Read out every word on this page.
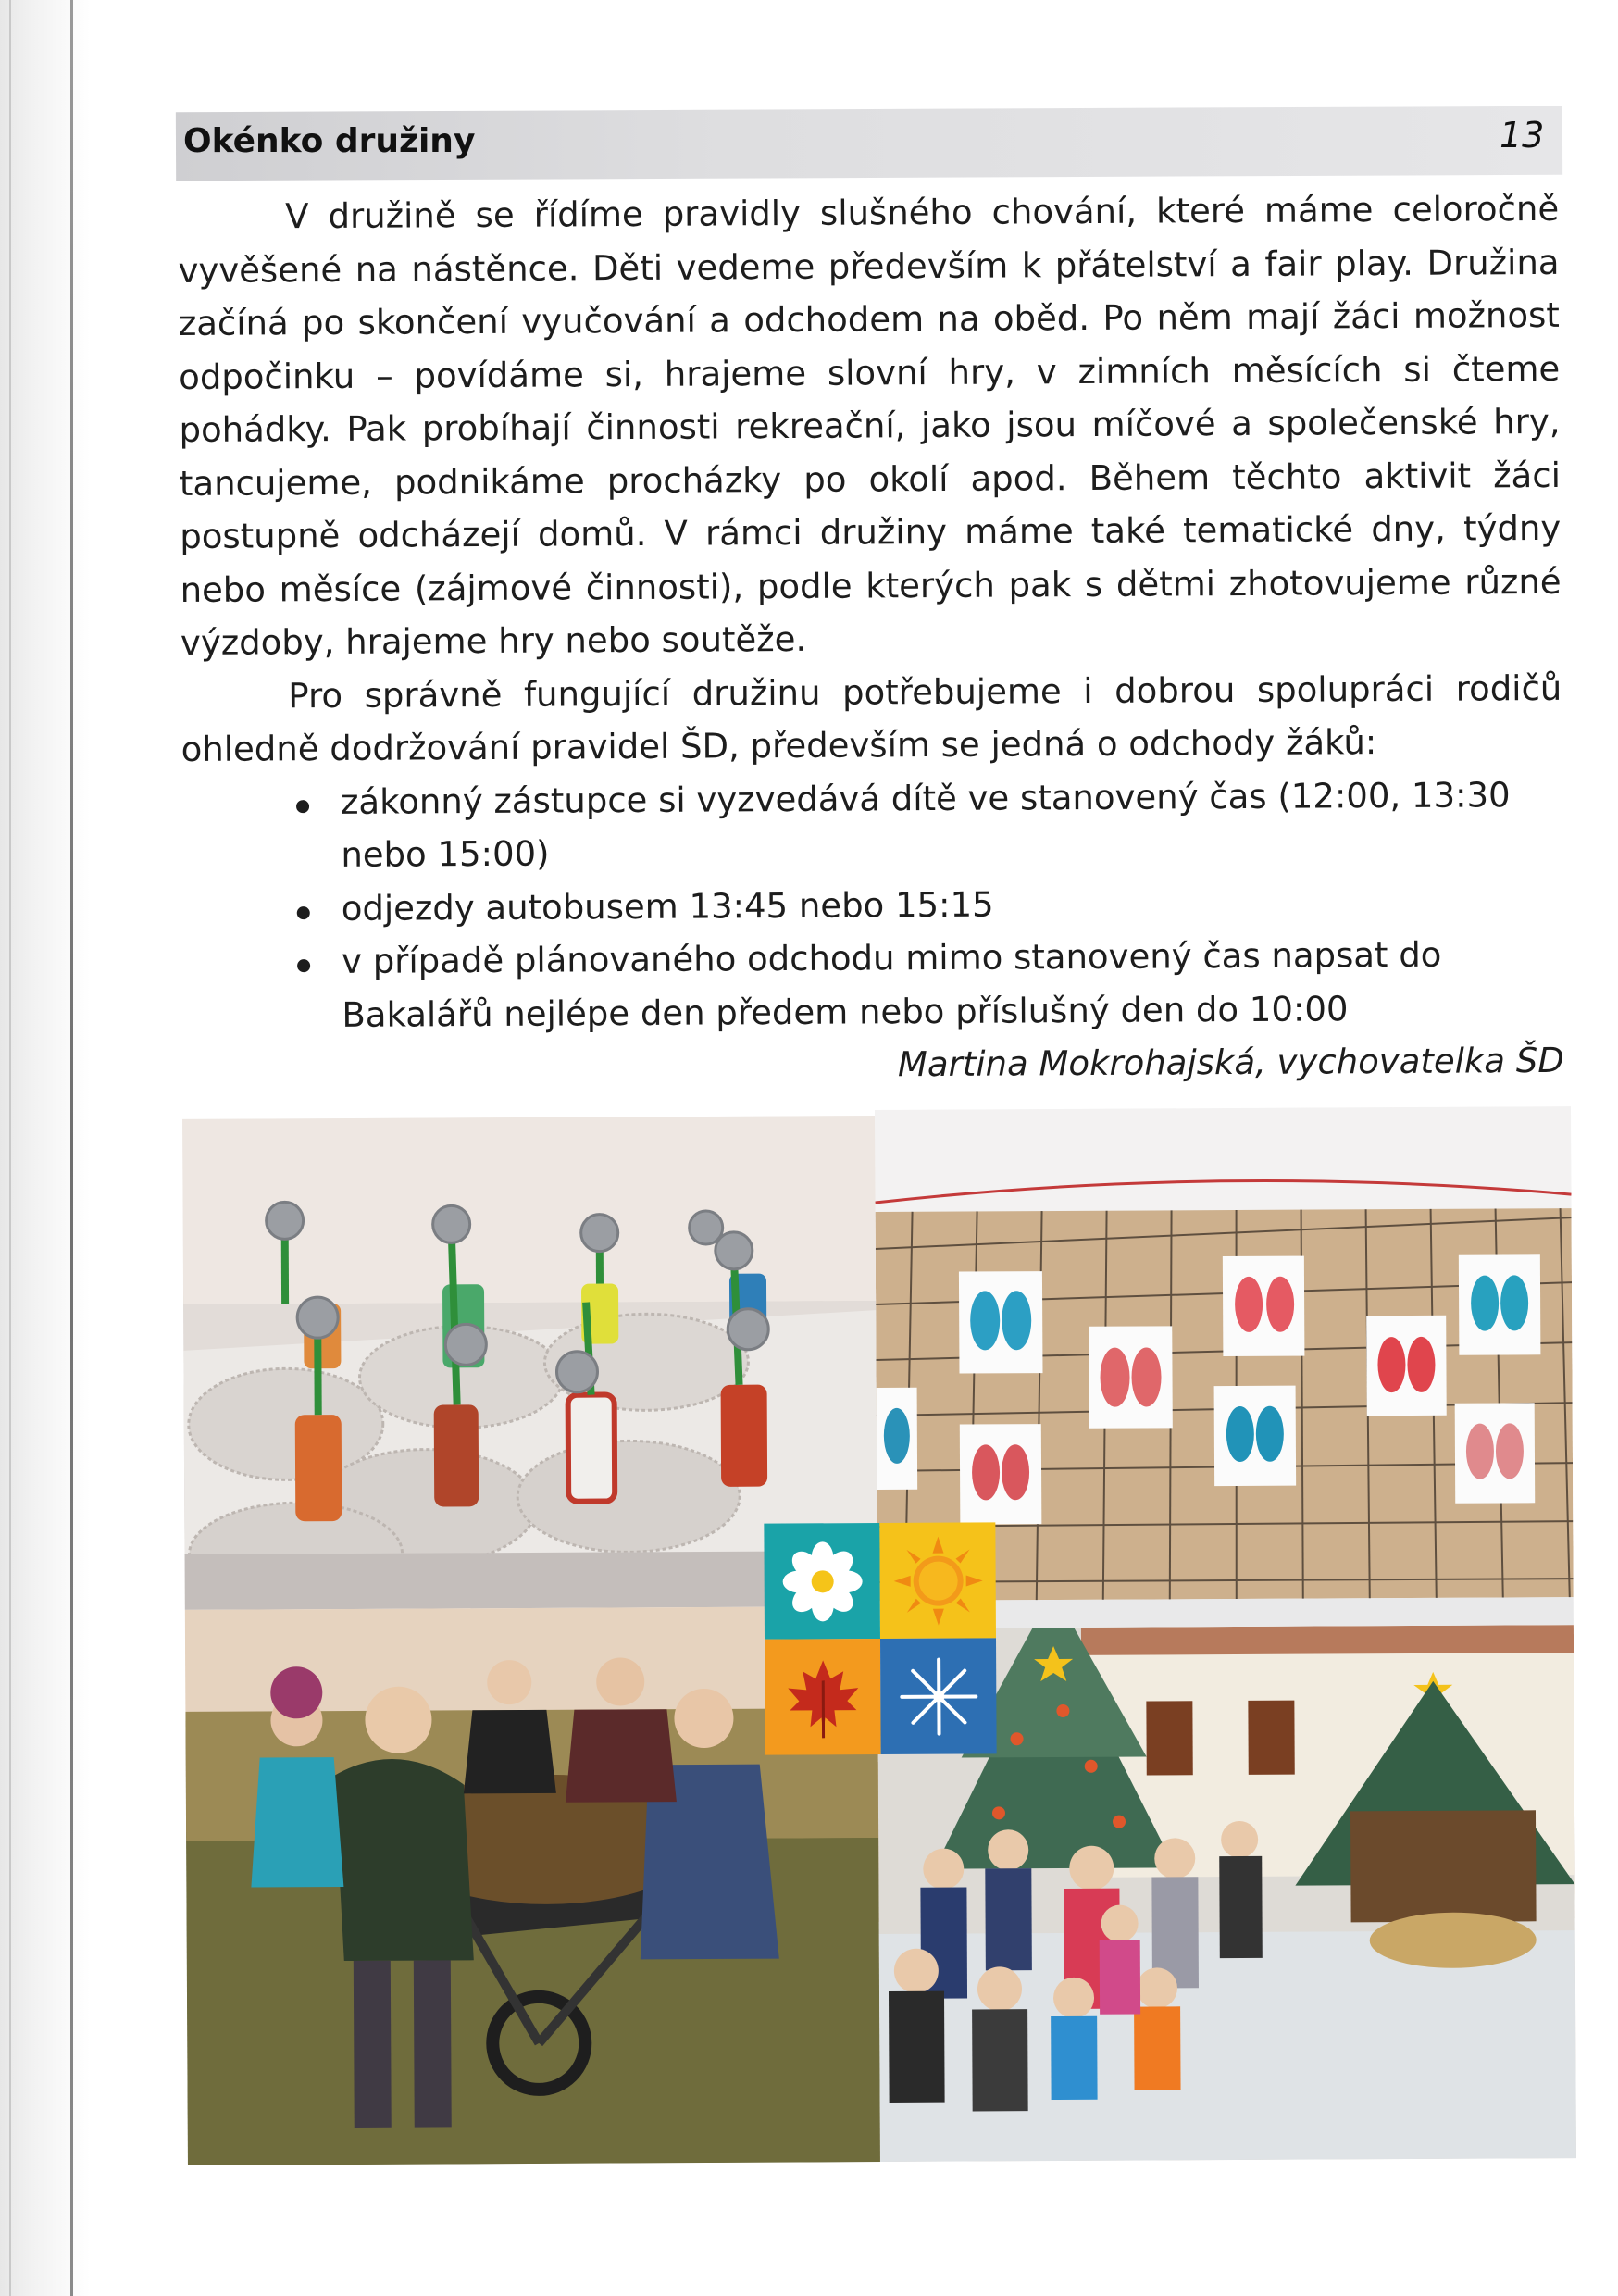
Okénko družiny	13

V družině se řídíme pravidly slušného chování, které máme celoročně vyvěšené na nástěnce. Děti vedeme především k přátelství a fair play. Družina začíná po skončení vyučování a odchodem na oběd. Po něm mají žáci možnost odpočinku – povídáme si, hrajeme slovní hry, v zimních měsících si čteme pohádky. Pak probíhají činnosti rekreační, jako jsou míčové a společenské hry, tancujeme, podnikáme procházky po okolí apod. Během těchto aktivit žáci postupně odcházejí domů. V rámci družiny máme také tematické dny, týdny nebo měsíce (zájmové činnosti), podle kterých pak s dětmi zhotovujeme různé výzdoby, hrajeme hry nebo soutěže.

Pro správně fungující družinu potřebujeme i dobrou spolupráci rodičů ohledně dodržování pravidel ŠD, především se jedná o odchody žáků:

zákonný zástupce si vyzvedává dítě ve stanovený čas (12:00, 13:30 nebo 15:00)
odjezdy autobusem 13:45 nebo 15:15
v případě plánovaného odchodu mimo stanovený čas napsat do Bakalářů nejlépe den předem nebo příslušný den do 10:00
Martina Mokrohajská, vychovatelka ŠD
